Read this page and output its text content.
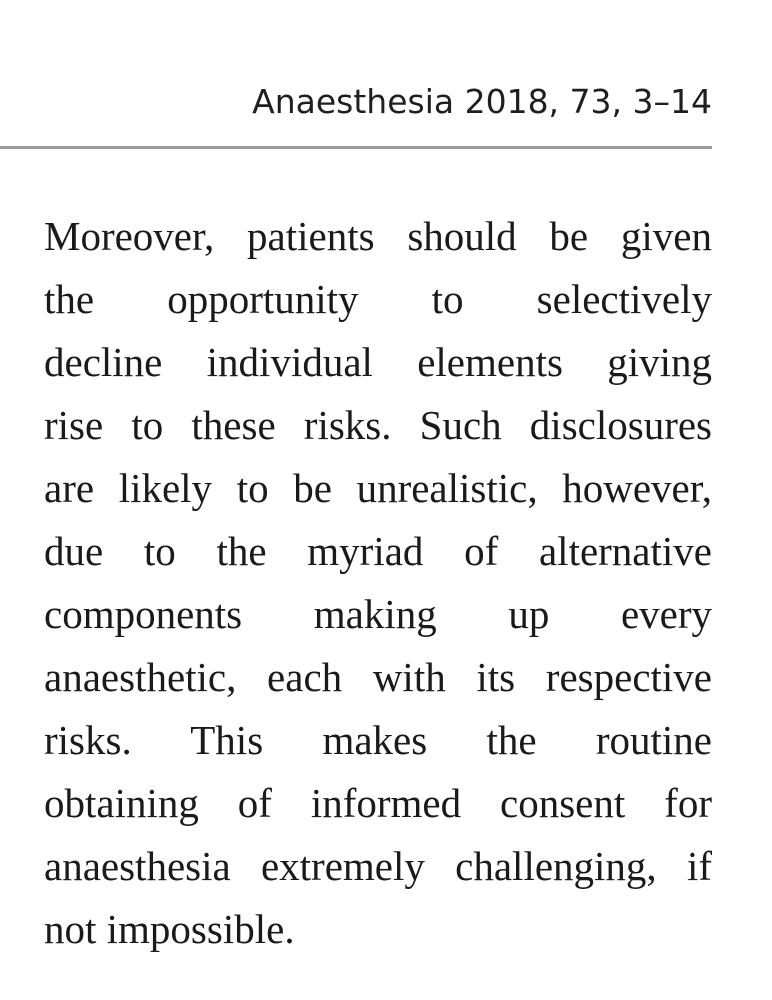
Anaesthesia 2018, 73, 3–14
Moreover, patients should be given
the opportunity to selectively
decline individual elements giving
rise to these risks. Such disclosures
are likely to be unrealistic, however,
due to the myriad of alternative
components making up every
anaesthetic, each with its respective
risks. This makes the routine
obtaining of informed consent for
anaesthesia extremely challenging, if
not impossible.
